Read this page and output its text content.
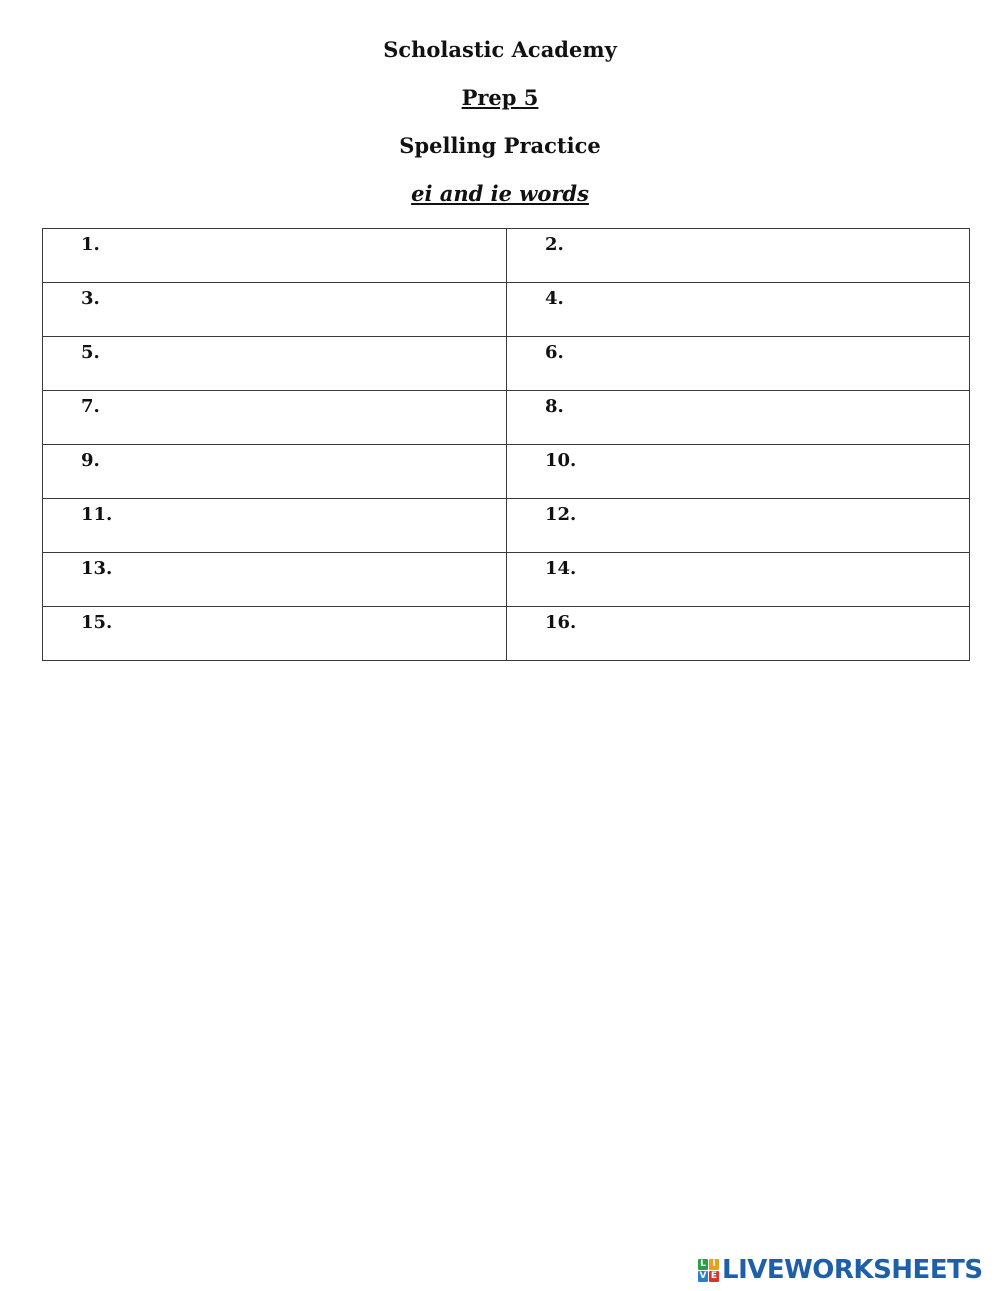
Scholastic Academy
Prep 5
Spelling Practice
ei and ie words
1.	2.

3.	4.

5.	6.

7.	8.

9.	10.

11.	12.

13.	14.

15.	16.
L I
V E LIVEWORKSHEETS
